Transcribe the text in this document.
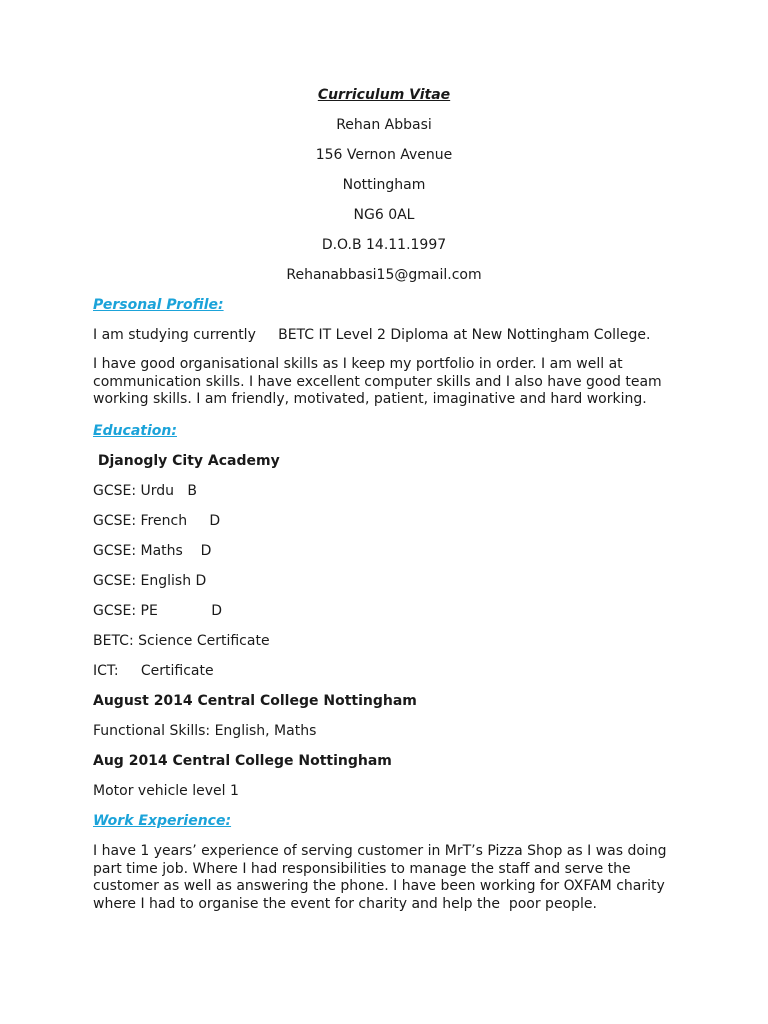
Curriculum Vitae
Rehan Abbasi
156 Vernon Avenue
Nottingham
NG6 0AL
D.O.B 14.11.1997
Rehanabbasi15@gmail.com
Personal Profile:
I am studying currently     BETC IT Level 2 Diploma at New Nottingham College.
I have good organisational skills as I keep my portfolio in order. I am well at
communication skills. I have excellent computer skills and I also have good team
working skills. I am friendly, motivated, patient, imaginative and hard working.
Education:
Djanogly City Academy
GCSE: Urdu   B
GCSE: French     D
GCSE: Maths    D
GCSE: English D
GCSE: PE            D
BETC: Science Certificate
ICT:     Certificate
August 2014 Central College Nottingham
Functional Skills: English, Maths
Aug 2014 Central College Nottingham
Motor vehicle level 1
Work Experience:
I have 1 years’ experience of serving customer in MrT’s Pizza Shop as I was doing
part time job. Where I had responsibilities to manage the staff and serve the
customer as well as answering the phone. I have been working for OXFAM charity
where I had to organise the event for charity and help the  poor people.
